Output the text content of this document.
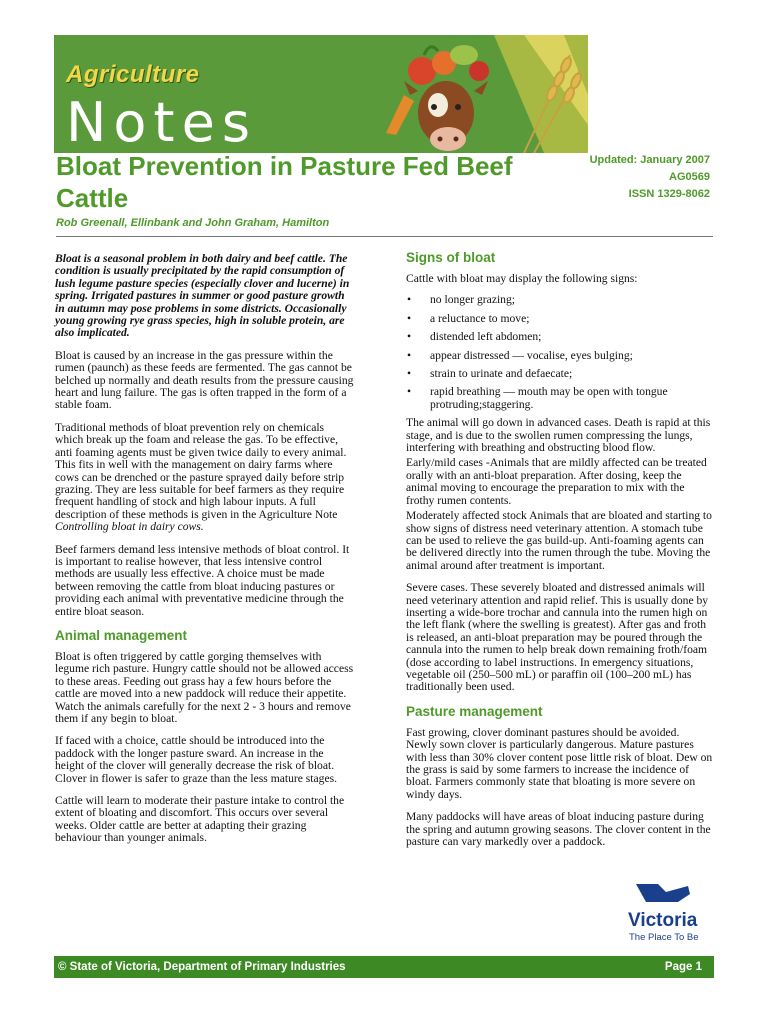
Agriculture
Notes
Bloat Prevention in Pasture Fed Beef Cattle
Updated: January 2007
AG0569
ISSN 1329-8062
Rob Greenall, Ellinbank and John Graham, Hamilton

Bloat is a seasonal problem in both dairy and beef cattle. The condition is usually precipitated by the rapid consumption of lush legume pasture species (especially clover and lucerne) in spring. Irrigated pastures in summer or good pasture growth in autumn may pose problems in some districts. Occasionally young growing rye grass species, high in soluble protein, are also implicated.

Bloat is caused by an increase in the gas pressure within the rumen (paunch) as these feeds are fermented. The gas cannot be belched up normally and death results from the pressure causing heart and lung failure. The gas is often trapped in the form of a stable foam.

Traditional methods of bloat prevention rely on chemicals which break up the foam and release the gas. To be effective, anti foaming agents must be given twice daily to every animal. This fits in well with the management on dairy farms where cows can be drenched or the pasture sprayed daily before strip grazing. They are less suitable for beef farmers as they require frequent handling of stock and high labour inputs. A full description of these methods is given in the Agriculture Note Controlling bloat in dairy cows.

Beef farmers demand less intensive methods of bloat control. It is important to realise however, that less intensive control methods are usually less effective. A choice must be made between removing the cattle from bloat inducing pastures or providing each animal with preventative medicine through the entire bloat season.

Animal management

Bloat is often triggered by cattle gorging themselves with legume rich pasture. Hungry cattle should not be allowed access to these areas. Feeding out grass hay a few hours before the cattle are moved into a new paddock will reduce their appetite. Watch the animals carefully for the next 2 - 3 hours and remove them if any begin to bloat.

If faced with a choice, cattle should be introduced into the paddock with the longer pasture sward. An increase in the height of the clover will generally decrease the risk of bloat. Clover in flower is safer to graze than the less mature stages.

Cattle will learn to moderate their pasture intake to control the extent of bloating and discomfort. This occurs over several weeks. Older cattle are better at adapting their grazing behaviour than younger animals.

Signs of bloat

Cattle with bloat may display the following signs:

• no longer grazing;
• a reluctance to move;
• distended left abdomen;
• appear distressed — vocalise, eyes bulging;
• strain to urinate and defaecate;
• rapid breathing — mouth may be open with tongue protruding;staggering.

The animal will go down in advanced cases. Death is rapid at this stage, and is due to the swollen rumen compressing the lungs, interfering with breathing and obstructing blood flow.

Early/mild cases -Animals that are mildly affected can be treated orally with an anti-bloat preparation. After dosing, keep the animal moving to encourage the preparation to mix with the frothy rumen contents.

Moderately affected stock Animals that are bloated and starting to show signs of distress need veterinary attention. A stomach tube can be used to relieve the gas build-up. Anti-foaming agents can be delivered directly into the rumen through the tube. Moving the animal around after treatment is important.

Severe cases. These severely bloated and distressed animals will need veterinary attention and rapid relief. This is usually done by inserting a wide-bore trochar and cannula into the rumen high on the left flank (where the swelling is greatest). After gas and froth is released, an anti-bloat preparation may be poured through the cannula into the rumen to help break down remaining froth/foam (dose according to label instructions. In emergency situations, vegetable oil (250–500 mL) or paraffin oil (100–200 mL) has traditionally been used.

Pasture management

Fast growing, clover dominant pastures should be avoided. Newly sown clover is particularly dangerous. Mature pastures with less than 30% clover content pose little risk of bloat. Dew on the grass is said by some farmers to increase the incidence of bloat. Farmers commonly state that bloating is more severe on windy days.

Many paddocks will have areas of bloat inducing pasture during the spring and autumn growing seasons. The clover content in the pasture can vary markedly over a paddock.

Victoria
The Place To Be
© State of Victoria, Department of Primary Industries	Page 1
